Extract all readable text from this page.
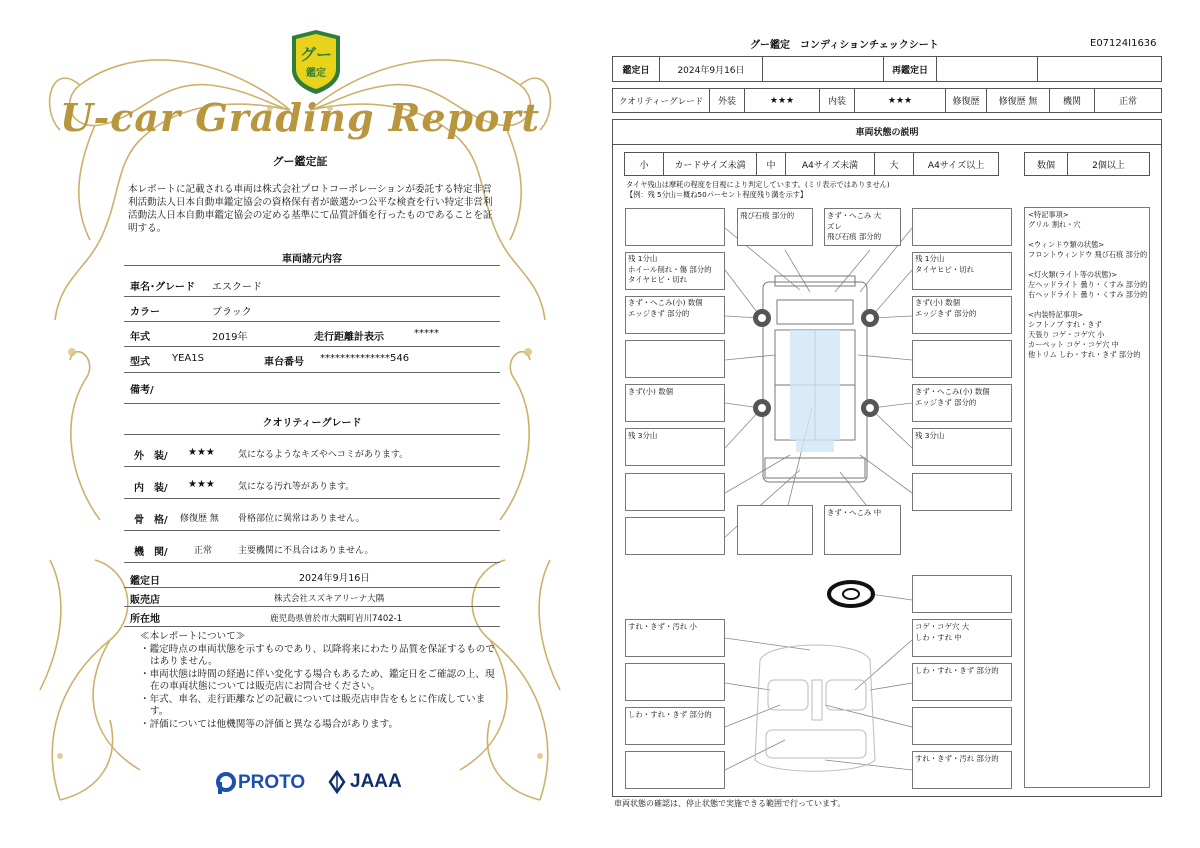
グー
鑑定
U-car Grading Report
グー鑑定証
本レポートに記載される車両は株式会社プロトコーポレーションが委託する特定非営利活動法人日本自動車鑑定協会の資格保有者が厳選かつ公平な検査を行い特定非営利活動法人日本自動車鑑定協会の定める基準にて品質評価を行ったものであることを証明する。
車両諸元内容
車名･グレード エスクード
カラー	ブラック
年式	2019年	走行距離計表示	*****
型式 YEA1S	車台番号 **************546
備考/
クオリティーグレード
外　装/ ★★★	気になるようなキズやヘコミがあります。
内　装/ ★★★	気になる汚れ等があります。
骨　格/ 修復歴 無 骨格部位に異常はありません。
機　関/	正常	主要機関に不具合はありません。
鑑定日	2024年9月16日
販売店	株式会社スズキアリーナ大隅
所在地	鹿児島県曽於市大隅町岩川7402-1
≪本レポートについて≫
・鑑定時点の車両状態を示すものであり、以降将来にわたり品質を保証するものではありません。
・車両状態は時間の経過に伴い変化する場合もあるため、鑑定日をご確認の上、現在の車両状態については販売店にお問合せください。
・年式、車名、走行距離などの記載については販売店申告をもとに作成しています。
・評価については他機関等の評価と異なる場合があります。
PROTO JAAA
グー鑑定　コンディションチェックシート	E07124I1636
鑑定日	2024年9月16日	再鑑定日
クオリティーグレード	外装	★★★	内装	★★★	修復歴	修復歴 無	機関	正常
車両状態の説明
小	カードサイズ未満	中	A4サイズ未満	大	A4サイズ以上	数個	2個以上
タイヤ残山は摩耗の程度を目視により判定しています。(ミリ表示ではありません)
【例：残 5分山＝概ね50パーセント程度残り溝を示す】
飛び石痕 部分的	きず・へこみ 大
ズレ
飛び石痕 部分的
残 1分山
ホイール削れ・傷 部分的
タイヤヒビ・切れ
残 1分山
タイヤヒビ・切れ
きず・へこみ(小) 数個
エッジきず 部分的
きず(小) 数個
エッジきず 部分的
きず(小) 数個	きず・へこみ(小) 数個
エッジきず 部分的
残 3分山	残 3分山
きず・へこみ 中
すれ・きず・汚れ 小	コゲ・コゲ穴 大
しわ・すれ 中
しわ・すれ・きず 部分的
しわ・すれ・きず 部分的
すれ・きず・汚れ 部分的
<特記事項>
グリル 割れ・穴

<ウィンドウ類の状態>
フロントウィンドウ 飛び石痕 部分的

<灯火類(ライト等の状態)>
左ヘッドライト 曇り・くすみ 部分的
右ヘッドライト 曇り・くすみ 部分的

<内装特記事項>
シフトノブ すれ・きず
天張り コゲ・コゲ穴 小
カーペット コゲ・コゲ穴 中
他トリム しわ・すれ・きず 部分的
車両状態の確認は、停止状態で実施できる範囲で行っています。
